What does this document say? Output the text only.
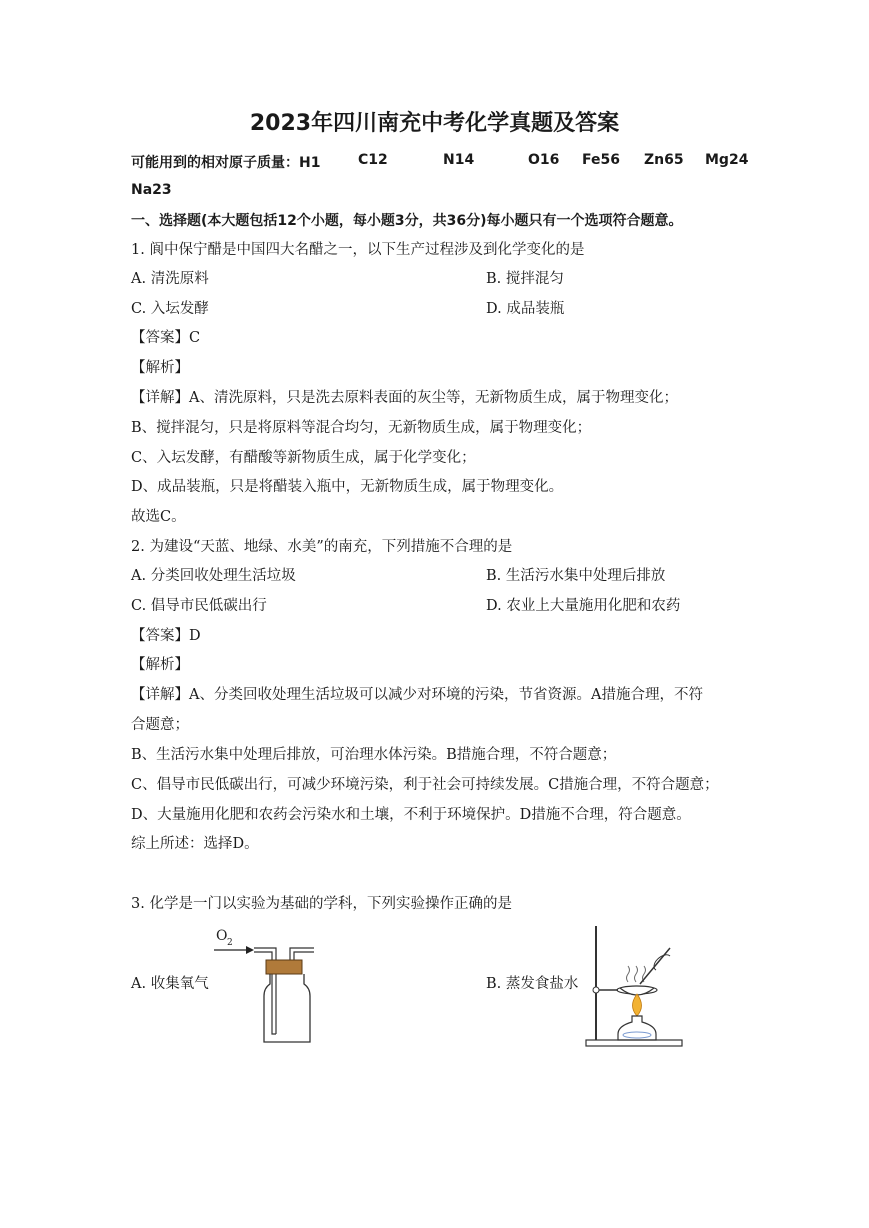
2023年四川南充中考化学真题及答案
可能用到的相对原子质量：H1	C12	N14	O16 Fe56 Zn65 Mg24
Na23
一、选择题(本大题包括12个小题，每小题3分，共36分)每小题只有一个选项符合题意。
1. 阆中保宁醋是中国四大名醋之一，以下生产过程涉及到化学变化的是
A. 清洗原料	B. 搅拌混匀
C. 入坛发酵	D. 成品装瓶
【答案】C
【解析】
【详解】A、清洗原料，只是洗去原料表面的灰尘等，无新物质生成，属于物理变化；
B、搅拌混匀，只是将原料等混合均匀，无新物质生成，属于物理变化；
C、入坛发酵，有醋酸等新物质生成，属于化学变化；
D、成品装瓶，只是将醋装入瓶中，无新物质生成，属于物理变化。
故选C。
2. 为建设“天蓝、地绿、水美”的南充，下列措施不合理的是
A. 分类回收处理生活垃圾	B. 生活污水集中处理后排放
C. 倡导市民低碳出行	D. 农业上大量施用化肥和农药
【答案】D
【解析】
【详解】A、分类回收处理生活垃圾可以减少对环境的污染，节省资源。A措施合理，不符
合题意；
B、生活污水集中处理后排放，可治理水体污染。B措施合理，不符合题意；
C、倡导市民低碳出行，可减少环境污染，利于社会可持续发展。C措施合理，不符合题意；
D、大量施用化肥和农药会污染水和土壤，不利于环境保护。D措施不合理，符合题意。
综上所述：选择D。
3. 化学是一门以实验为基础的学科，下列实验操作正确的是
A. 收集氧气	B. 蒸发食盐水
O 2
